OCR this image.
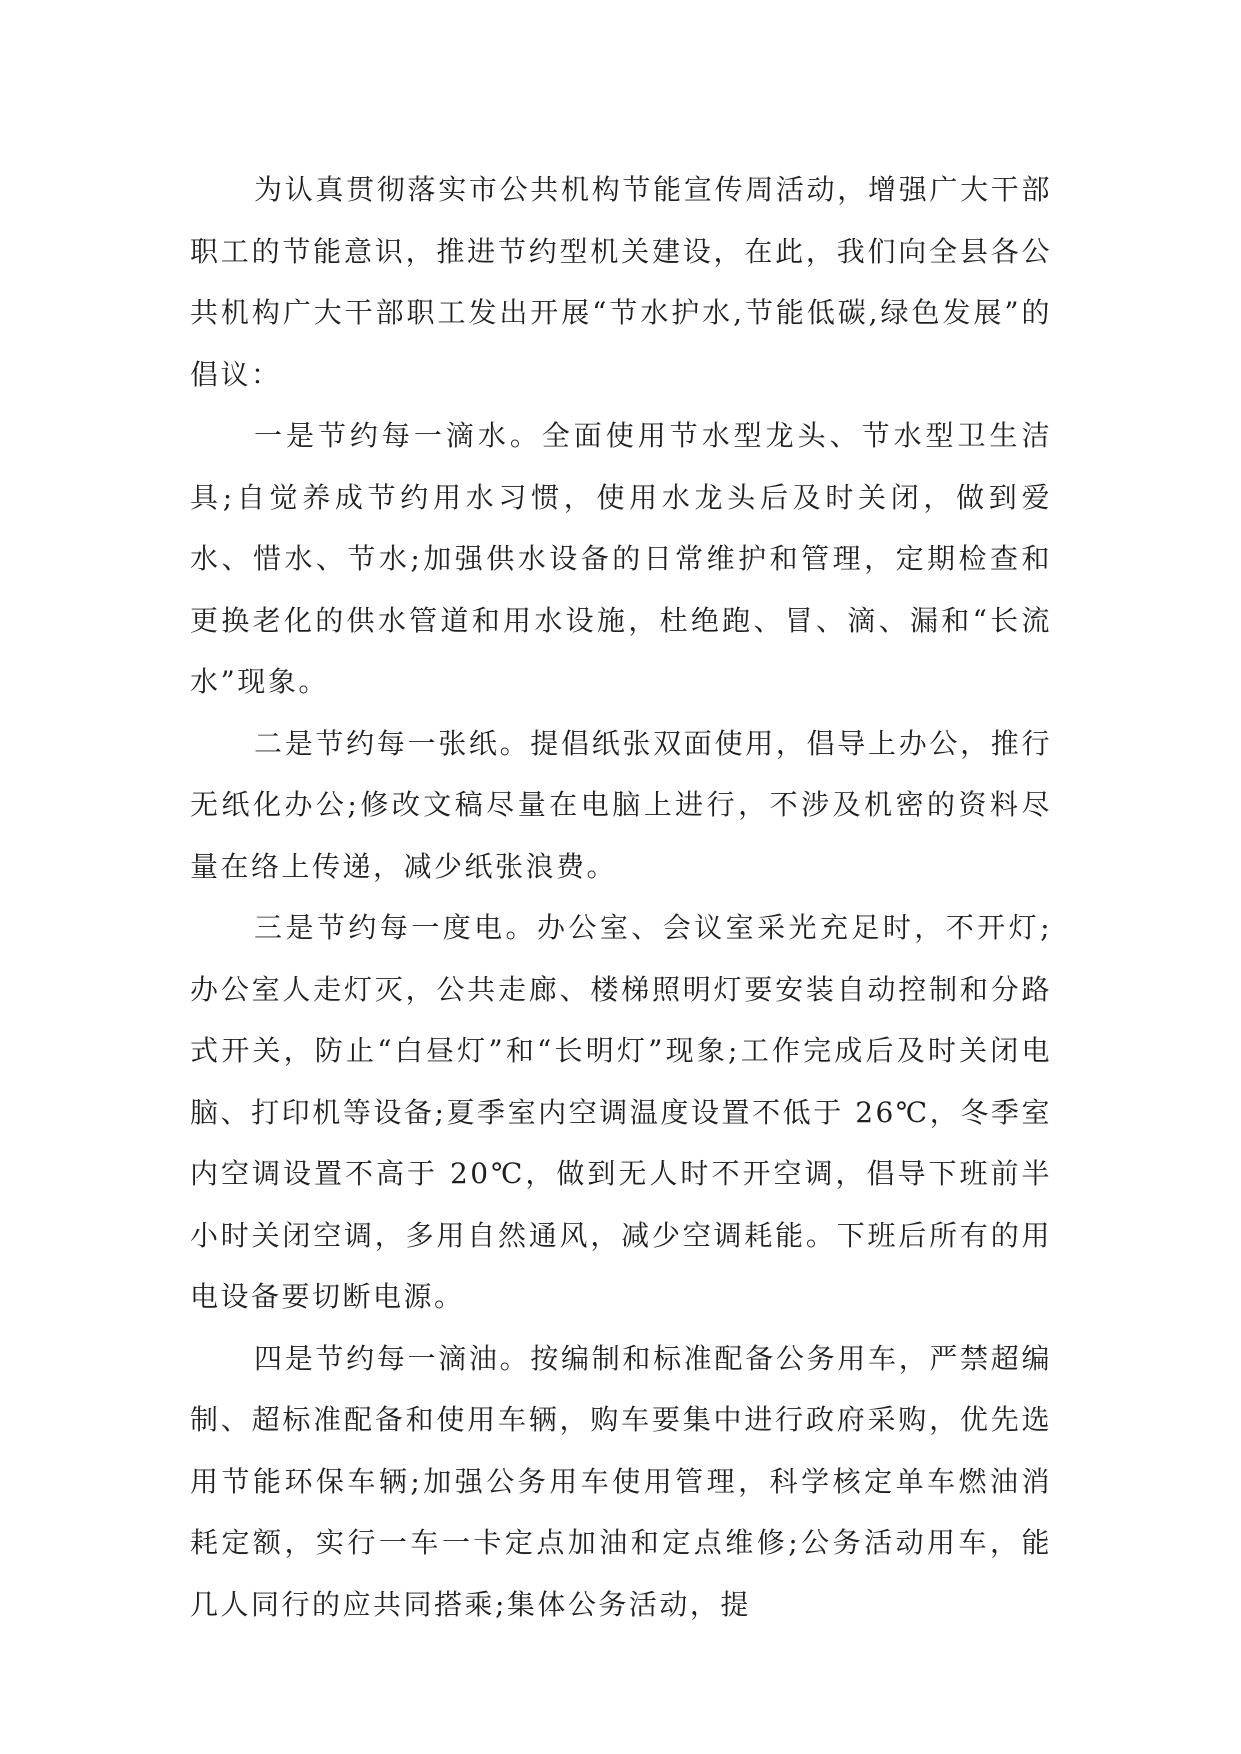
为认真贯彻落实市公共机构节能宣传周活动，增强广大干部职工的节能意识，推进节约型机关建设，在此，我们向全县各公共机构广大干部职工发出开展“节水护水,节能低碳,绿色发展”的倡议：

一是节约每一滴水。全面使用节水型龙头、节水型卫生洁具;自觉养成节约用水习惯，使用水龙头后及时关闭，做到爱水、惜水、节水;加强供水设备的日常维护和管理，定期检查和更换老化的供水管道和用水设施，杜绝跑、冒、滴、漏和“长流水”现象。

二是节约每一张纸。提倡纸张双面使用，倡导上办公，推行无纸化办公;修改文稿尽量在电脑上进行，不涉及机密的资料尽量在络上传递，减少纸张浪费。

三是节约每一度电。办公室、会议室采光充足时，不开灯;办公室人走灯灭，公共走廊、楼梯照明灯要安装自动控制和分路式开关，防止“白昼灯”和“长明灯”现象;工作完成后及时关闭电脑、打印机等设备;夏季室内空调温度设置不低于 26℃，冬季室内空调设置不高于 20℃，做到无人时不开空调，倡导下班前半小时关闭空调，多用自然通风，减少空调耗能。下班后所有的用电设备要切断电源。

四是节约每一滴油。按编制和标准配备公务用车，严禁超编制、超标准配备和使用车辆，购车要集中进行政府采购，优先选用节能环保车辆;加强公务用车使用管理，科学核定单车燃油消耗定额，实行一车一卡定点加油和定点维修;公务活动用车，能几人同行的应共同搭乘;集体公务活动，提
